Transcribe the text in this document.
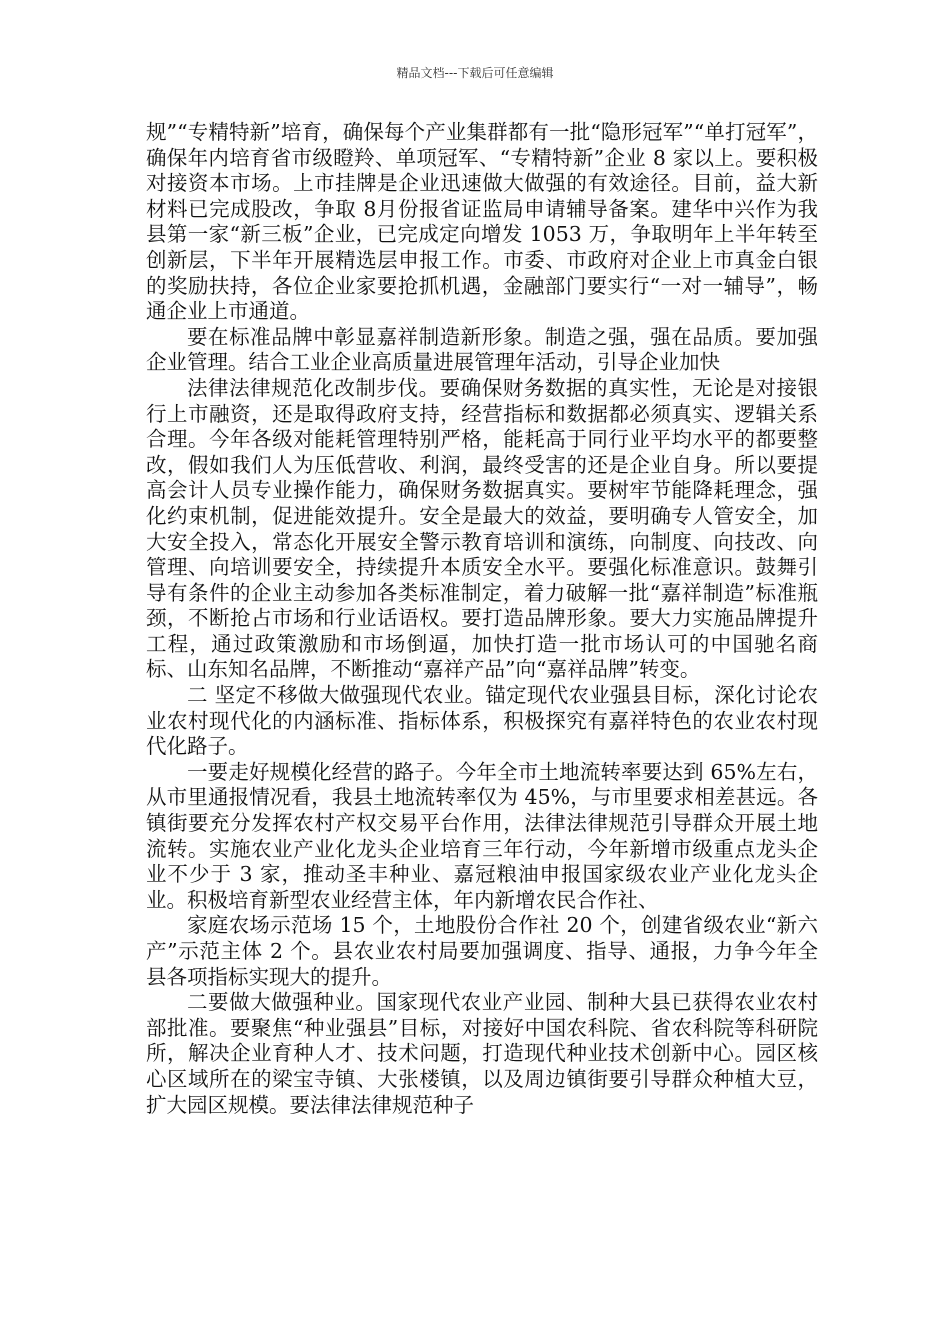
精品文档---下载后可任意编辑

规”“专精特新”培育，确保每个产业集群都有一批“隐形冠军”“单打冠军”，确保年内培育省市级瞪羚、单项冠军、“专精特新”企业 8 家以上。要积极对接资本市场。上市挂牌是企业迅速做大做强的有效途径。目前，益大新材料已完成股改，争取 8月份报省证监局申请辅导备案。建华中兴作为我县第一家“新三板”企业，已完成定向增发 1053 万，争取明年上半年转至创新层，下半年开展精选层申报工作。市委、市政府对企业上市真金白银的奖励扶持，各位企业家要抢抓机遇，金融部门要实行“一对一辅导”，畅通企业上市通道。

要在标准品牌中彰显嘉祥制造新形象。制造之强，强在品质。要加强企业管理。结合工业企业高质量进展管理年活动，引导企业加快

法律法律规范化改制步伐。要确保财务数据的真实性，无论是对接银行上市融资，还是取得政府支持，经营指标和数据都必须真实、逻辑关系合理。今年各级对能耗管理特别严格，能耗高于同行业平均水平的都要整改，假如我们人为压低营收、利润，最终受害的还是企业自身。所以要提高会计人员专业操作能力，确保财务数据真实。要树牢节能降耗理念，强化约束机制，促进能效提升。安全是最大的效益，要明确专人管安全，加大安全投入，常态化开展安全警示教育培训和演练，向制度、向技改、向管理、向培训要安全，持续提升本质安全水平。要强化标准意识。鼓舞引导有条件的企业主动参加各类标准制定，着力破解一批“嘉祥制造”标准瓶颈，不断抢占市场和行业话语权。要打造品牌形象。要大力实施品牌提升工程，通过政策激励和市场倒逼，加快打造一批市场认可的中国驰名商标、山东知名品牌，不断推动“嘉祥产品”向“嘉祥品牌”转变。

二 坚定不移做大做强现代农业。锚定现代农业强县目标，深化讨论农业农村现代化的内涵标准、指标体系，积极探究有嘉祥特色的农业农村现代化路子。

一要走好规模化经营的路子。今年全市土地流转率要达到 65%左右，从市里通报情况看，我县土地流转率仅为 45%，与市里要求相差甚远。各镇街要充分发挥农村产权交易平台作用，法律法律规范引导群众开展土地流转。实施农业产业化龙头企业培育三年行动，今年新增市级重点龙头企业不少于 3 家，推动圣丰种业、嘉冠粮油申报国家级农业产业化龙头企业。积极培育新型农业经营主体，年内新增农民合作社、

家庭农场示范场 15 个，土地股份合作社 20 个，创建省级农业“新六产”示范主体 2 个。县农业农村局要加强调度、指导、通报，力争今年全县各项指标实现大的提升。

二要做大做强种业。国家现代农业产业园、制种大县已获得农业农村部批准。要聚焦“种业强县”目标，对接好中国农科院、省农科院等科研院所，解决企业育种人才、技术问题，打造现代种业技术创新中心。园区核心区域所在的梁宝寺镇、大张楼镇，以及周边镇街要引导群众种植大豆，扩大园区规模。要法律法律规范种子
